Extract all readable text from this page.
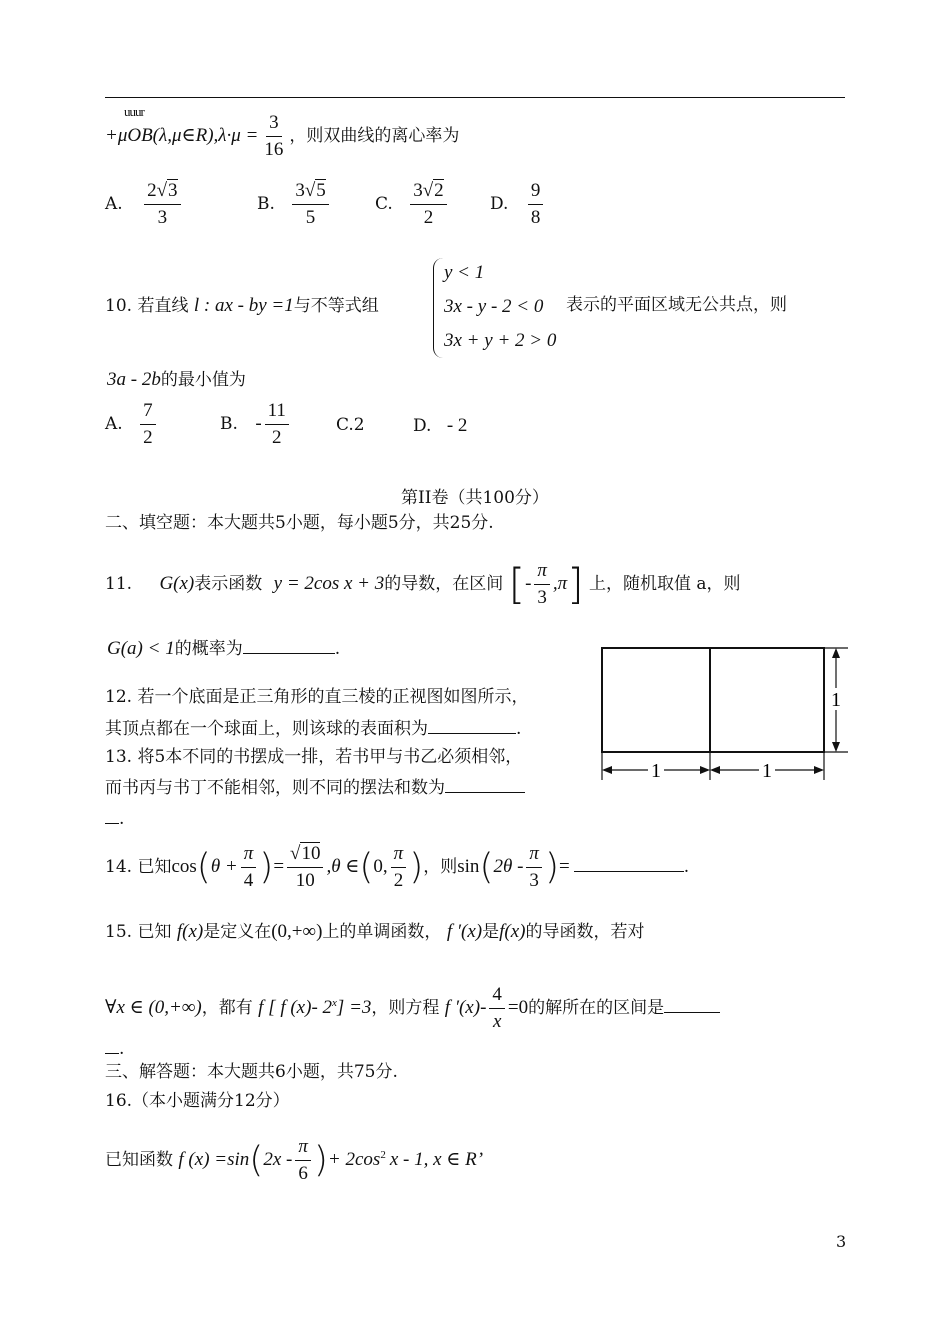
uuur
+μOB(λ,μ∈R),λ·μ = $\frac{3}{16}$ ，则双曲线的离心率为
A. $\frac{2√3}{3}$	B. $\frac{3√5}{5}$	C. $\frac{3√2}{2}$	D. $\frac{9}{8}$
10. 若直线 l : ax - by =1与不等式组
y < 1
3x - y - 2 < 0
3x + y + 2 > 0
表示的平面区域无公共点，则
3a - 2b的最小值为
A. $\frac{7}{2}$	B. - $\frac{11}{2}$	C.2	D. - 2
第II卷（共100分）
二、填空题：本大题共5小题，每小题5分，共25分.
11. G(x)表示函数 y = 2cos x + 3的导数，在区间 [- $\frac{\pi}{3} ,\pi$] 上，随机取值 a，则
G(a) < 1的概率为	.
12. 若一个底面是正三角形的直三棱的正视图如图所示，
其顶点都在一个球面上，则该球的表面积为	.
13. 将5本不同的书摆成一排，若书甲与书乙必须相邻，
而书丙与书丁不能相邻，则不同的摆法和数为
.
1
1	1
14. 已知$\cos(\theta + \frac{\pi}{4}$ )= $\frac{√10}{10} ,\theta$ ∈(0, $\frac{\pi}{2}$ )，则$\sin(2\theta - \frac{\pi}{3}$ )=	.
15. 已知 f(x)是定义在(0,+∞)上的单调函数， f ′(x)是f(x)的导函数，若对
∀x ∈ (0,+∞)，都有 f [ f (x)- $2^x] =3$，则方程 f $'(x)- \frac{4}{x} =0$的解所在的区间是
.
三、解答题：本大题共6小题，共75分.
16.（本小题满分12分）
已知函数 f $(x) =\sin(2x - \frac{\pi}{6}$ )+ $2\cos^2$ x - 1, x ∈ R’
3
